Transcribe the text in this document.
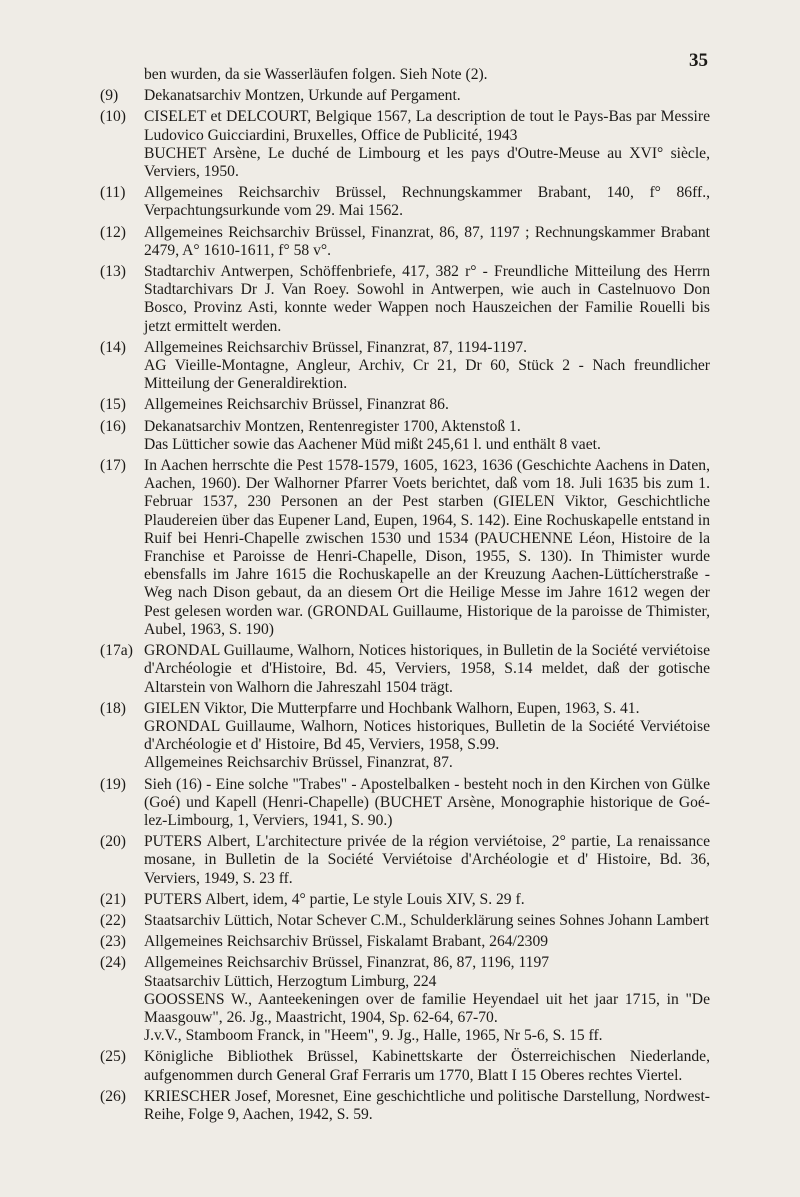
35
ben wurden, da sie Wasserläufen folgen. Sieh Note (2).
(9)	Dekanatsarchiv Montzen, Urkunde auf Pergament.

(10)	CISELET et DELCOURT, Belgique 1567, La description de tout le Pays-Bas par Messire Ludovico Guicciardini, Bruxelles, Office de Publicité, 1943

BUCHET Arsène, Le duché de Limbourg et les pays d'Outre-Meuse au XVI° siècle, Verviers, 1950.

(11)	Allgemeines Reichsarchiv Brüssel, Rechnungskammer Brabant, 140, f° 86ff., Verpachtungsurkunde vom 29. Mai 1562.

(12)	Allgemeines Reichsarchiv Brüssel, Finanzrat, 86, 87, 1197 ; Rechnungskammer Brabant 2479, A° 1610-1611, f° 58 v°.

(13)	Stadtarchiv Antwerpen, Schöffenbriefe, 417, 382 r° - Freundliche Mitteilung des Herrn Stadtarchivars Dr J. Van Roey. Sowohl in Antwerpen, wie auch in Castelnuovo Don Bosco, Provinz Asti, konnte weder Wappen noch Hauszeichen der Familie Rouelli bis jetzt ermittelt werden.

(14)	Allgemeines Reichsarchiv Brüssel, Finanzrat, 87, 1194-1197.

AG Vieille-Montagne, Angleur, Archiv, Cr 21, Dr 60, Stück 2 - Nach freundlicher Mitteilung der Generaldirektion.

(15)	Allgemeines Reichsarchiv Brüssel, Finanzrat 86.

(16)	Dekanatsarchiv Montzen, Rentenregister 1700, Aktenstoß 1.

Das Lütticher sowie das Aachener Müd mißt 245,61 l. und enthält 8 vaet.

(17)	In Aachen herrschte die Pest 1578-1579, 1605, 1623, 1636 (Geschichte Aachens in Daten, Aachen, 1960). Der Walhorner Pfarrer Voets berichtet, daß vom 18. Juli 1635 bis zum 1. Februar 1537, 230 Personen an der Pest starben (GIELEN Viktor, Geschichtliche Plaudereien über das Eupener Land, Eupen, 1964, S. 142). Eine Rochuskapelle entstand in Ruif bei Henri-Chapelle zwischen 1530 und 1534 (PAUCHENNE Léon, Histoire de la Franchise et Paroisse de Henri-Chapelle, Dison, 1955, S. 130). In Thimister wurde ebensfalls im Jahre 1615 die Rochuskapelle an der Kreuzung Aachen-Lüttícherstraße - Weg nach Dison gebaut, da an diesem Ort die Heilige Messe im Jahre 1612 wegen der Pest gelesen worden war. (GRONDAL Guillaume, Historique de la paroisse de Thimister, Aubel, 1963, S. 190)

(17a) GRONDAL Guillaume, Walhorn, Notices historiques, in Bulletin de la Société verviétoise d'Archéologie et d'Histoire, Bd. 45, Verviers, 1958, S.14 meldet, daß der gotische Altarstein von Walhorn die Jahreszahl 1504 trägt.

(18)	GIELEN Viktor, Die Mutterpfarre und Hochbank Walhorn, Eupen, 1963, S. 41.

GRONDAL Guillaume, Walhorn, Notices historiques, Bulletin de la Société Verviétoise d'Archéologie et d' Histoire, Bd 45, Verviers, 1958, S.99.

Allgemeines Reichsarchiv Brüssel, Finanzrat, 87.

(19)	Sieh (16) - Eine solche "Trabes" - Apostelbalken - besteht noch in den Kirchen von Gülke (Goé) und Kapell (Henri-Chapelle) (BUCHET Arsène, Monographie historique de Goé-lez-Limbourg, 1, Verviers, 1941, S. 90.)

(20)	PUTERS Albert, L'architecture privée de la région verviétoise, 2° partie, La renaissance mosane, in Bulletin de la Société Verviétoise d'Archéologie et d' Histoire, Bd. 36, Verviers, 1949, S. 23 ff.

(21)	PUTERS Albert, idem, 4° partie, Le style Louis XIV, S. 29 f.

(22)	Staatsarchiv Lüttich, Notar Schever C.M., Schulderklärung seines Sohnes Johann Lambert

(23)	Allgemeines Reichsarchiv Brüssel, Fiskalamt Brabant, 264/2309

(24)	Allgemeines Reichsarchiv Brüssel, Finanzrat, 86, 87, 1196, 1197

Staatsarchiv Lüttich, Herzogtum Limburg, 224

GOOSSENS W., Aanteekeningen over de familie Heyendael uit het jaar 1715, in "De Maasgouw", 26. Jg., Maastricht, 1904, Sp. 62-64, 67-70.

J.v.V., Stamboom Franck, in "Heem", 9. Jg., Halle, 1965, Nr 5-6, S. 15 ff.

(25)	Königliche Bibliothek Brüssel, Kabinettskarte der Österreichischen Niederlande, aufgenommen durch General Graf Ferraris um 1770, Blatt I 15 Oberes rechtes Viertel.

(26)	KRIESCHER Josef, Moresnet, Eine geschichtliche und politische Darstellung, Nordwest-Reihe, Folge 9, Aachen, 1942, S. 59.
